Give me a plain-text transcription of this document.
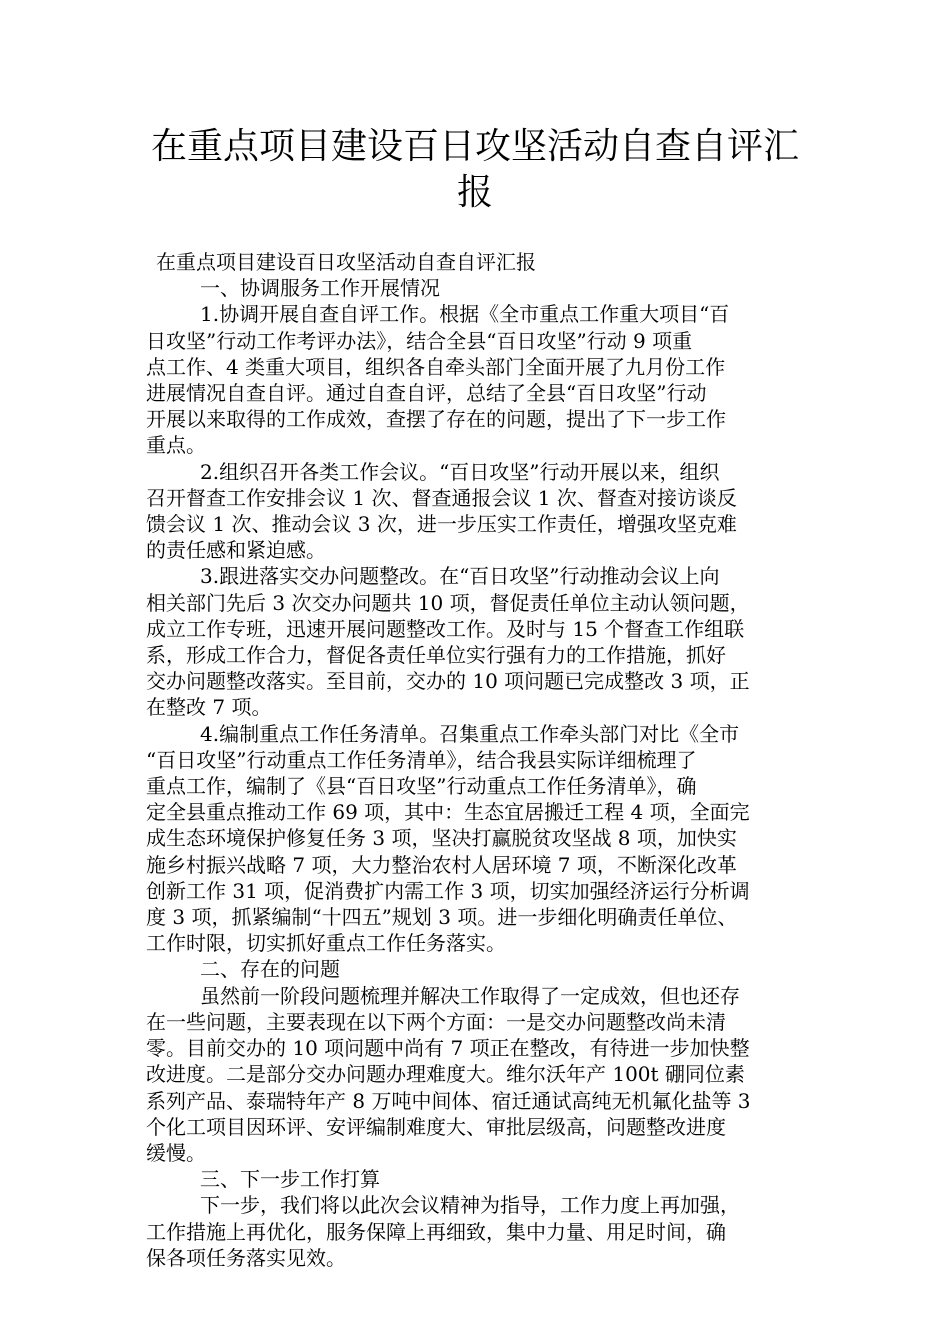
在重点项目建设百日攻坚活动自查自评汇
报

在重点项目建设百日攻坚活动自查自评汇报

一、协调服务工作开展情况

1.协调开展自查自评工作。根据《全市重点工作重大项目“百
日攻坚”行动工作考评办法》，结合全县“百日攻坚”行动 9 项重
点工作、4 类重大项目，组织各自牵头部门全面开展了九月份工作
进展情况自查自评。通过自查自评，总结了全县“百日攻坚”行动
开展以来取得的工作成效，查摆了存在的问题，提出了下一步工作
重点。
2.组织召开各类工作会议。“百日攻坚”行动开展以来，组织
召开督查工作安排会议 1 次、督查通报会议 1 次、督查对接访谈反
馈会议 1 次、推动会议 3 次，进一步压实工作责任，增强攻坚克难
的责任感和紧迫感。
3.跟进落实交办问题整改。在“百日攻坚”行动推动会议上向
相关部门先后 3 次交办问题共 10 项，督促责任单位主动认领问题，
成立工作专班，迅速开展问题整改工作。及时与 15 个督查工作组联
系，形成工作合力，督促各责任单位实行强有力的工作措施，抓好
交办问题整改落实。至目前，交办的 10 项问题已完成整改 3 项，正
在整改 7 项。
4.编制重点工作任务清单。召集重点工作牵头部门对比《全市
“百日攻坚”行动重点工作任务清单》，结合我县实际详细梳理了
重点工作，编制了《县“百日攻坚”行动重点工作任务清单》，确
定全县重点推动工作 69 项，其中：生态宜居搬迁工程 4 项，全面完
成生态环境保护修复任务 3 项，坚决打赢脱贫攻坚战 8 项，加快实
施乡村振兴战略 7 项，大力整治农村人居环境 7 项，不断深化改革
创新工作 31 项，促消费扩内需工作 3 项，切实加强经济运行分析调
度 3 项，抓紧编制“十四五”规划 3 项。进一步细化明确责任单位、
工作时限，切实抓好重点工作任务落实。

二、存在的问题

虽然前一阶段问题梳理并解决工作取得了一定成效，但也还存
在一些问题，主要表现在以下两个方面：一是交办问题整改尚未清
零。目前交办的 10 项问题中尚有 7 项正在整改，有待进一步加快整
改进度。二是部分交办问题办理难度大。维尔沃年产 100t 硼同位素
系列产品、泰瑞特年产 8 万吨中间体、宿迁通试高纯无机氟化盐等 3
个化工项目因环评、安评编制难度大、审批层级高，问题整改进度
缓慢。

三、下一步工作打算

下一步，我们将以此次会议精神为指导，工作力度上再加强，
工作措施上再优化，服务保障上再细致，集中力量、用足时间，确
保各项任务落实见效。
